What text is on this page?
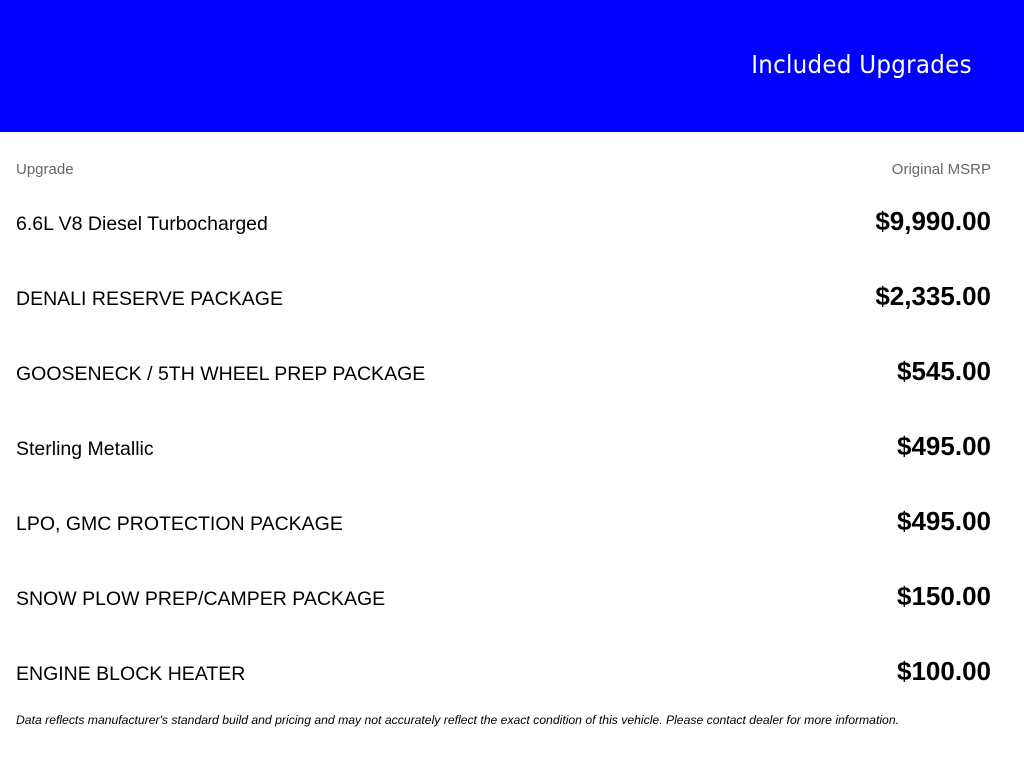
Included Upgrades
Upgrade	Original MSRP
6.6L V8 Diesel Turbocharged	$9,990.00
DENALI RESERVE PACKAGE	$2,335.00
GOOSENECK / 5TH WHEEL PREP PACKAGE	$545.00
Sterling Metallic	$495.00
LPO, GMC PROTECTION PACKAGE	$495.00
SNOW PLOW PREP/CAMPER PACKAGE	$150.00
ENGINE BLOCK HEATER	$100.00
Data reflects manufacturer's standard build and pricing and may not accurately reflect the exact condition of this vehicle. Please contact dealer for more information.
